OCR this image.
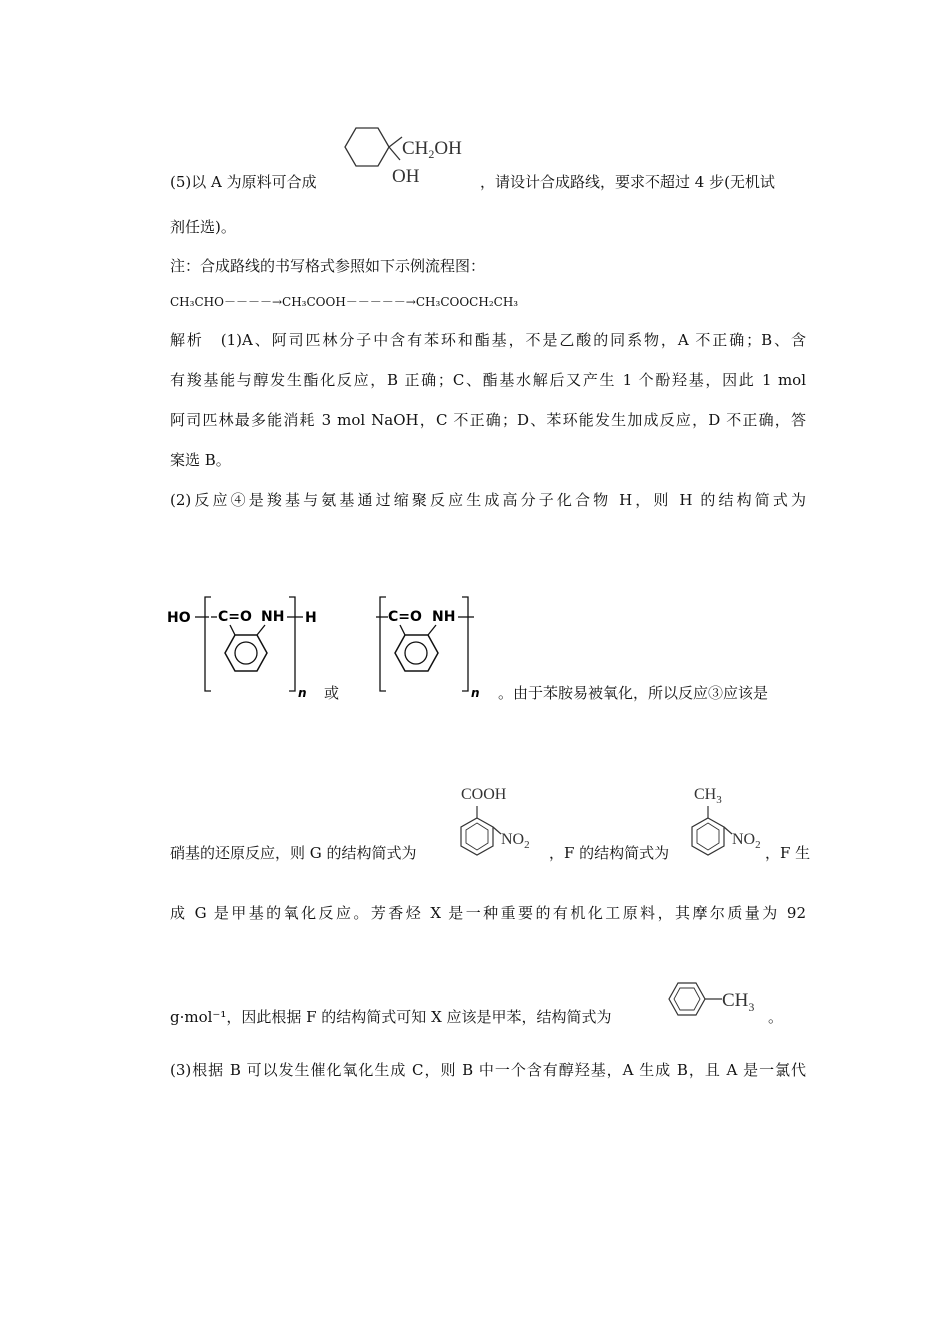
(5)以 A 为原料可合成
$CH_2OH$
OH	，请设计合成路线，要求不超过 4 步(无机试
剂任选)。
注：合成路线的书写格式参照如下示例流程图：
CH₃CHO－－－－→CH₃COOH－－－－－→CH₃COOCH₂CH₃
解析　(1)A、阿司匹林分子中含有苯环和酯基，不是乙酸的同系物，A 不正确；B、含
有羧基能与醇发生酯化反应，B 正确；C、酯基水解后又产生 1 个酚羟基，因此 1 mol
阿司匹林最多能消耗 3 mol NaOH，C 不正确；D、苯环能发生加成反应，D 不正确，答
案选 B。
(2)反应④是羧基与氨基通过缩聚反应生成高分子化合物 H，则 H 的结构简式为
HO C=O NH H
n 或
C=O NH
n 。由于苯胺易被氧化，所以反应③应该是
硝基的还原反应，则 G 的结构简式为
COOH
$NO_2$ ，F 的结构简式为
$CH_3$
$NO_2$ ，F 生
成 G 是甲基的氧化反应。芳香烃 X 是一种重要的有机化工原料，其摩尔质量为 92
g·mol⁻¹，因此根据 F 的结构简式可知 X 应该是甲苯，结构简式为
$CH_3$
。
(3)根据 B 可以发生催化氧化生成 C，则 B 中一个含有醇羟基，A 生成 B，且 A 是一氯代
